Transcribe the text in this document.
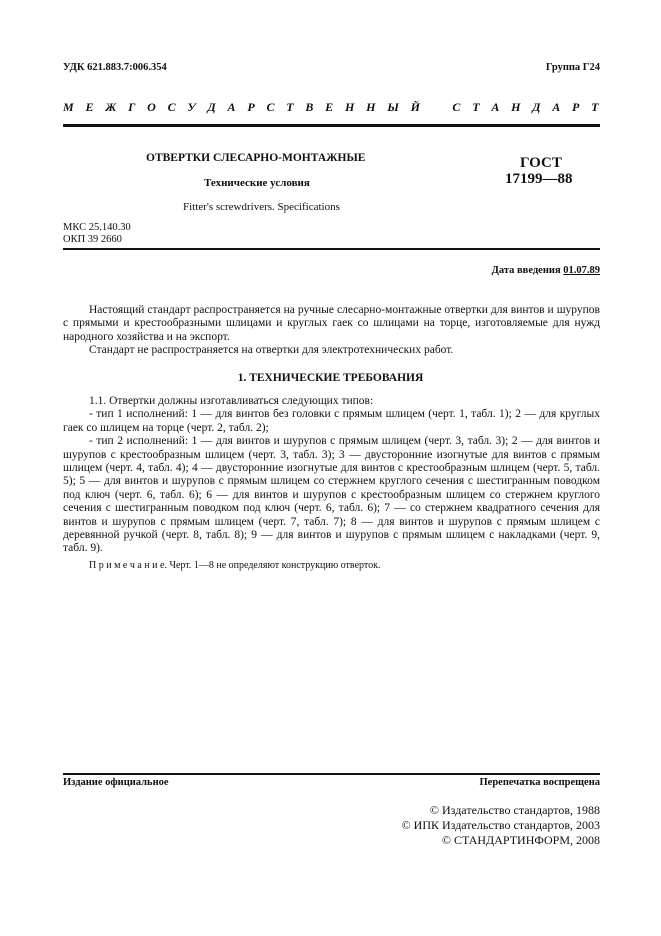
УДК 621.883.7:006.354	Группа Г24
М Е Ж Г О С У Д А Р С Т В Е Н Н Ы Й   С Т А Н Д А Р Т
ОТВЕРТКИ СЛЕСАРНО-МОНТАЖНЫЕ
Технические условия
Fitter's screwdrivers. Specifications
ГОСТ
17199—88
МКС 25.140.30
ОКП 39 2660
Дата введения 01.07.89

Настоящий стандарт распространяется на ручные слесарно-монтажные отвертки для винтов и шурупов с прямыми и крестообразными шлицами и круглых гаек со шлицами на торце, изготовляемые для нужд народного хозяйства и на экспорт.

Стандарт не распространяется на отвертки для электротехнических работ.

1. ТЕХНИЧЕСКИЕ ТРЕБОВАНИЯ

1.1. Отвертки должны изготавливаться следующих типов:

- тип 1 исполнений: 1 — для винтов без головки с прямым шлицем (черт. 1, табл. 1); 2 — для круглых гаек со шлицем на торце (черт. 2, табл. 2);

- тип 2 исполнений: 1 — для винтов и шурупов с прямым шлицем (черт. 3, табл. 3); 2 — для винтов и шурупов с крестообразным шлицем (черт. 3, табл. 3); 3 — двусторонние изогнутые для винтов с прямым шлицем (черт. 4, табл. 4); 4 — двусторонние изогнутые для винтов с крестообразным шлицем (черт. 5, табл. 5); 5 — для винтов и шурупов с прямым шлицем со стержнем круглого сечения с шестигранным поводком под ключ (черт. 6, табл. 6); 6 — для винтов и шурупов с крестообразным шлицем со стержнем круглого сечения с шестигранным поводком под ключ (черт. 6, табл. 6); 7 — со стержнем квадратного сечения для винтов и шурупов с прямым шлицем (черт. 7, табл. 7); 8 — для винтов и шурупов с прямым шлицем с деревянной ручкой (черт. 8, табл. 8); 9 — для винтов и шурупов с прямым шлицем с накладками (черт. 9, табл. 9).

П р и м е ч а н и е. Черт. 1—8 не определяют конструкцию отверток.
Издание официальное	Перепечатка воспрещена
© Издательство стандартов, 1988
© ИПК Издательство стандартов, 2003
© СТАНДАРТИНФОРМ, 2008
